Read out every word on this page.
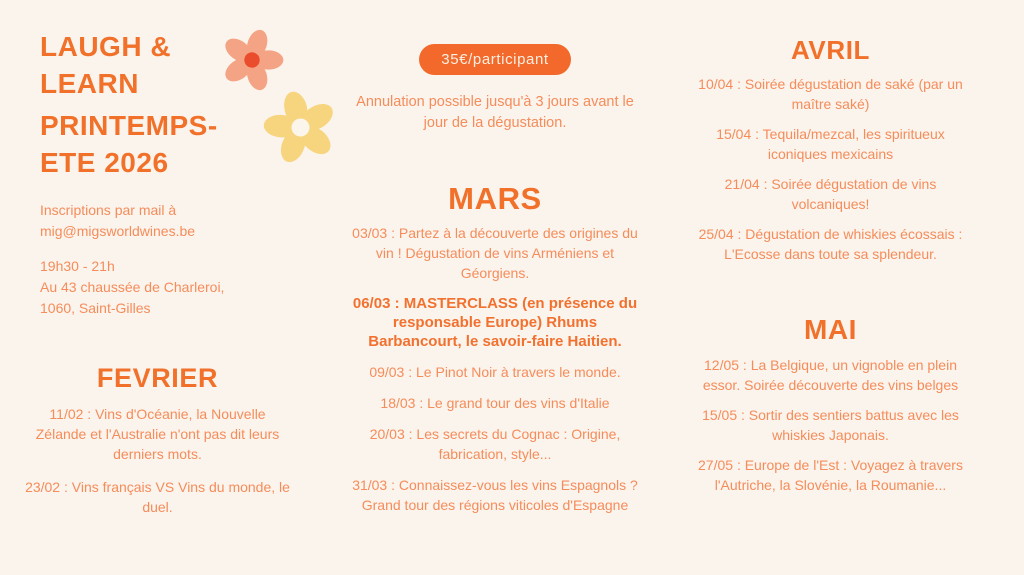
LAUGH &
LEARN
PRINTEMPS-
ETE 2026

Inscriptions par mail à
mig@migsworldwines.be

19h30 - 21h
Au 43 chaussée de Charleroi,
1060, Saint-Gilles

35€/participant

Annulation possible jusqu'à 3 jours avant le jour de la dégustation.

FEVRIER

11/02 : Vins d'Océanie, la Nouvelle Zélande et l'Australie n'ont pas dit leurs derniers mots.

23/02 : Vins français VS Vins du monde, le duel.

MARS

03/03 : Partez à la découverte des origines du vin ! Dégustation de vins Arméniens et Géorgiens.

06/03 : MASTERCLASS (en présence du responsable Europe) Rhums Barbancourt, le savoir-faire Haitien.

09/03 : Le Pinot Noir à travers le monde.

18/03 : Le grand tour des vins d'Italie

20/03 : Les secrets du Cognac : Origine, fabrication, style...

31/03 : Connaissez-vous les vins Espagnols ? Grand tour des régions viticoles d'Espagne

AVRIL

10/04 : Soirée dégustation de saké (par un maître saké)

15/04 : Tequila/mezcal, les spiritueux iconiques mexicains

21/04 : Soirée dégustation de vins volcaniques!

25/04 : Dégustation de whiskies écossais : L'Ecosse dans toute sa splendeur.

MAI

12/05 : La Belgique, un vignoble en plein essor. Soirée découverte des vins belges

15/05 : Sortir des sentiers battus avec les whiskies Japonais.

27/05 : Europe de l'Est : Voyagez à travers l'Autriche, la Slovénie, la Roumanie...
